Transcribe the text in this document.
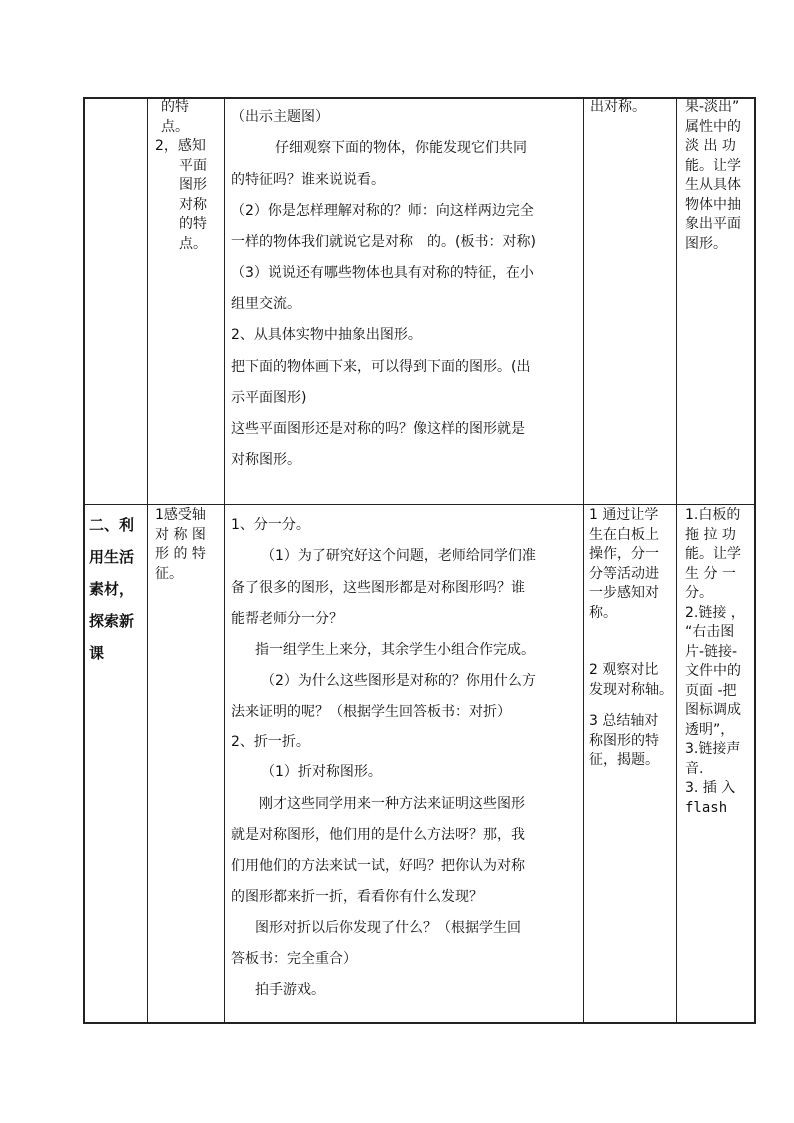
的特

点。

2，感知

平面

图形

对称

的特

点。

（出示主题图）

仔细观察下面的物体，你能发现它们共同

的特征吗？谁来说说看。

（2）你是怎样理解对称的？师：向这样两边完全

一样的物体我们就说它是对称　的。(板书：对称)

（3）说说还有哪些物体也具有对称的特征，在小

组里交流。

2、从具体实物中抽象出图形。

把下面的物体画下来，可以得到下面的图形。(出

示平面图形)

这些平面图形还是对称的吗？像这样的图形就是

对称图形。

出对称。	果-淡出”

属性中的

淡 出 功

能。让学

生从具体

物体中抽

象出平面

图形。

二、利

用生活

素材，

探索新

课

1感受轴

对 称 图

形 的 特

征。

1、分一分。

（1）为了研究好这个问题，老师给同学们准

备了很多的图形，这些图形都是对称图形吗？谁

能帮老师分一分？

指一组学生上来分，其余学生小组合作完成。

（2）为什么这些图形是对称的？你用什么方

法来证明的呢？（根据学生回答板书：对折）

2、折一折。

（1）折对称图形。

刚才这些同学用来一种方法来证明这些图形

就是对称图形，他们用的是什么方法呀？那，我

们用他们的方法来试一试，好吗？把你认为对称

的图形都来折一折，看看你有什么发现？

图形对折以后你发现了什么？（根据学生回

答板书：完全重合）

拍手游戏。

1 通过让学

生在白板上

操作，分一

分等活动进

一步感知对

称。

2 观察对比

发现对称轴。

3 总结轴对

称图形的特

征，揭题。

1.白板的

拖 拉 功

能。让学

生 分 一

分。

2.链接 ，

“右击图

片-链接-

文件中的

页面 -把

图标调成

透明”，

3.链接声

音.

3. 插 入

flash
